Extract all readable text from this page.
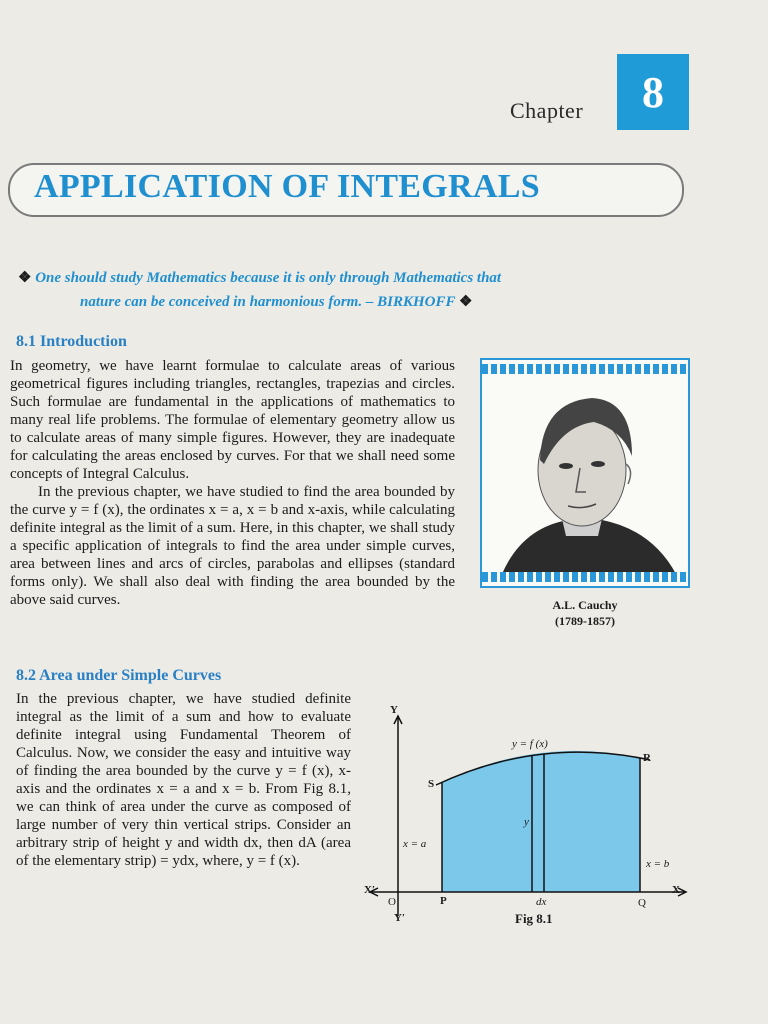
Chapter 8
APPLICATION OF INTEGRALS
❖ One should study Mathematics because it is only through Mathematics that
nature can be conceived in harmonious form. – BIRKHOFF ❖
8.1 Introduction

In geometry, we have learnt formulae to calculate areas of various geometrical figures including triangles, rectangles, trapezias and circles. Such formulae are fundamental in the applications of mathematics to many real life problems. The formulae of elementary geometry allow us to calculate areas of many simple figures. However, they are inadequate for calculating the areas enclosed by curves. For that we shall need some concepts of Integral Calculus.

In the previous chapter, we have studied to find the area bounded by the curve y = f (x), the ordinates x = a, x = b and x-axis, while calculating definite integral as the limit of a sum. Here, in this chapter, we shall study a specific application of integrals to find the area under simple curves, area between lines and arcs of circles, parabolas and ellipses (standard forms only). We shall also deal with finding the area bounded by the above said curves.	A.L. Cauchy
(1789-1857)
8.2 Area under Simple Curves

In the previous chapter, we have studied definite integral as the limit of a sum and how to evaluate definite integral using Fundamental Theorem of Calculus. Now, we consider the easy and intuitive way of finding the area bounded by the curve y = f (x), x-axis and the ordinates x = a and x = b. From Fig 8.1, we can think of area under the curve as composed of large number of very thin vertical strips. Consider an arbitrary strip of height y and width dx, then dA (area of the elementary strip) = ydx, where, y = f (x).

Y
Y′
X
X′
O
y = f (x)
P	Q
R
S
x = a
x = b
y
dx
Fig 8.1
